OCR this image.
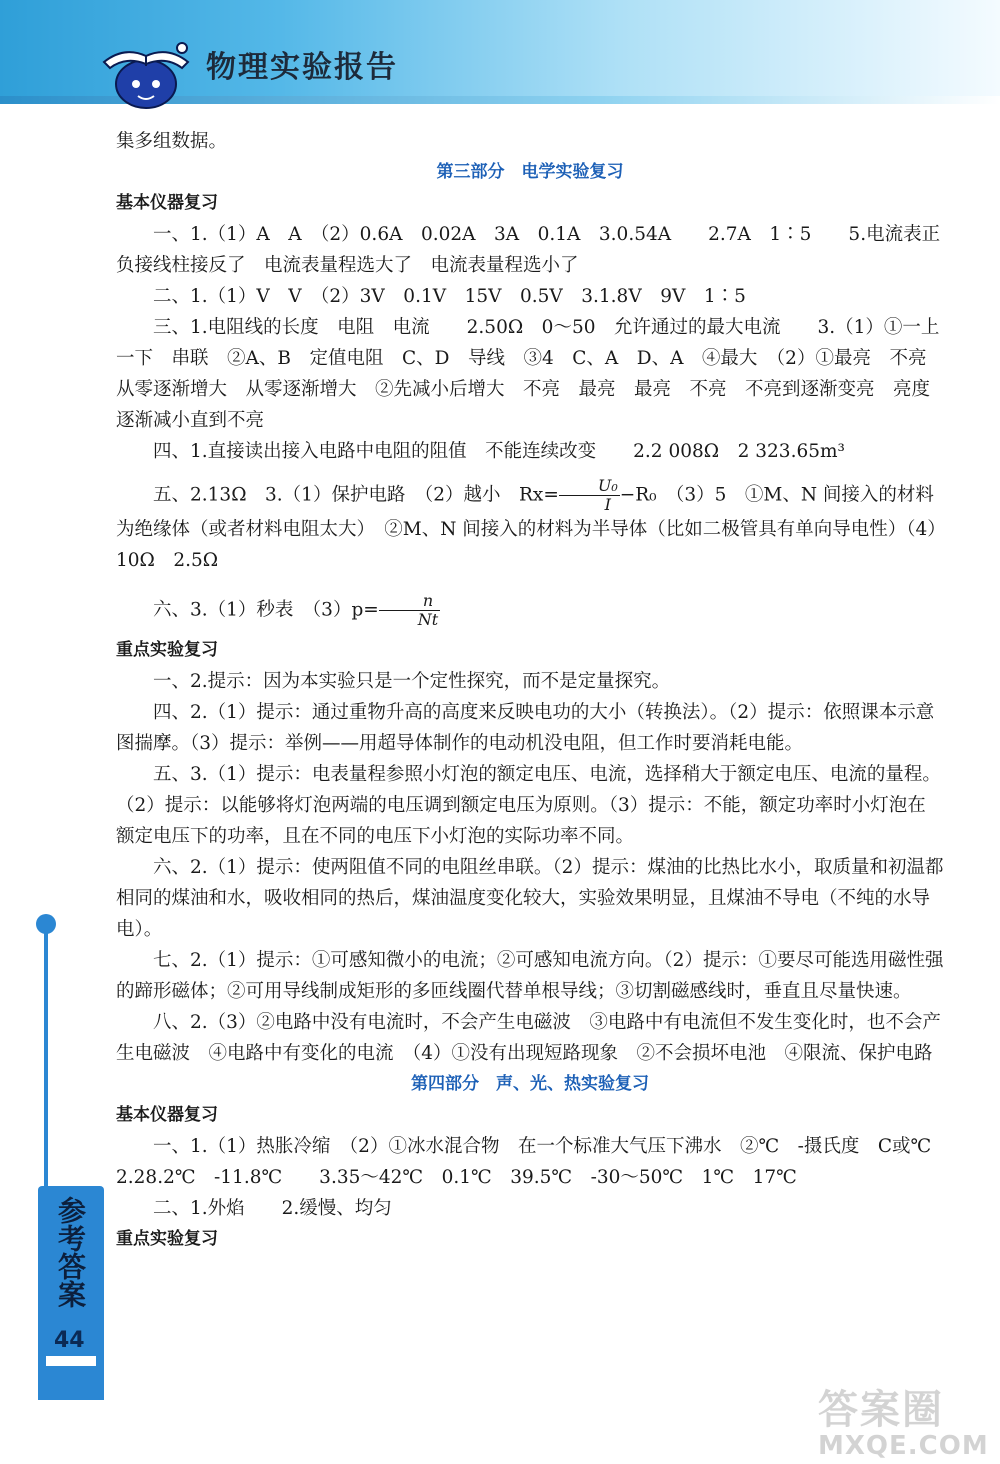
物理实验报告
参考答案
44

集多组数据。

第三部分　电学实验复习

基本仪器复习

一、1.（1）A　A　（2）0.6A　0.02A　3A　0.1A　3.0.54A　　2.7A　1∶5　　5.电流表正负接线柱接反了　电流表量程选大了　电流表量程选小了

二、1.（1）V　V　（2）3V　0.1V　15V　0.5V　3.1.8V　9V　1∶5

三、1.电阻线的长度　电阻　电流　　2.50Ω　0～50　允许通过的最大电流　　3.（1）①一上一下　串联　②A、B　定值电阻　C、D　导线　③4　C、A　D、A　④最大　（2）①最亮　不亮　从零逐渐增大　从零逐渐增大　②先减小后增大　不亮　最亮　最亮　不亮　不亮到逐渐变亮　亮度逐渐减小直到不亮

四、1.直接读出接入电路中电阻的阻值　不能连续改变　　2.2 008Ω　2 323.65m³

五、2.13Ω　3.（1）保护电路　（2）越小　$Rx= \frac{\text{U₀}}{I} -R_0$　（3）5　①M、N 间接入的材料为绝缘体（或者材料电阻太大）　②M、N 间接入的材料为半导体（比如二极管具有单向导电性）（4）10Ω　2.5Ω

六、3.（1）秒表　$(3)p= \frac{n}{Nt}$

重点实验复习

一、2.提示：因为本实验只是一个定性探究，而不是定量探究。

四、2.（1）提示：通过重物升高的高度来反映电功的大小（转换法）。（2）提示：依照课本示意图揣摩。（3）提示：举例——用超导体制作的电动机没电阻，但工作时要消耗电能。

五、3.（1）提示：电表量程参照小灯泡的额定电压、电流，选择稍大于额定电压、电流的量程。（2）提示：以能够将灯泡两端的电压调到额定电压为原则。（3）提示：不能，额定功率时小灯泡在额定电压下的功率，且在不同的电压下小灯泡的实际功率不同。

六、2.（1）提示：使两阻值不同的电阻丝串联。（2）提示：煤油的比热比水小，取质量和初温都相同的煤油和水，吸收相同的热后，煤油温度变化较大，实验效果明显，且煤油不导电（不纯的水导电）。

七、2.（1）提示：①可感知微小的电流；②可感知电流方向。（2）提示：①要尽可能选用磁性强的蹄形磁体；②可用导线制成矩形的多匝线圈代替单根导线；③切割磁感线时，垂直且尽量快速。

八、2.（3）②电路中没有电流时，不会产生电磁波　③电路中有电流但不发生变化时，也不会产生电磁波　④电路中有变化的电流　（4）①没有出现短路现象　②不会损坏电池　④限流、保护电路

第四部分　声、光、热实验复习

基本仪器复习

一、1.（1）热胀冷缩　（2）①冰水混合物　在一个标准大气压下沸水　②℃　-摄氏度　C或℃　　2.28.2℃　-11.8℃　　3.35～42℃　0.1℃　39.5℃　-30～50℃　1℃　17℃

二、1.外焰　　2.缓慢、均匀

重点实验复习

答案圈
MXQE.COM
